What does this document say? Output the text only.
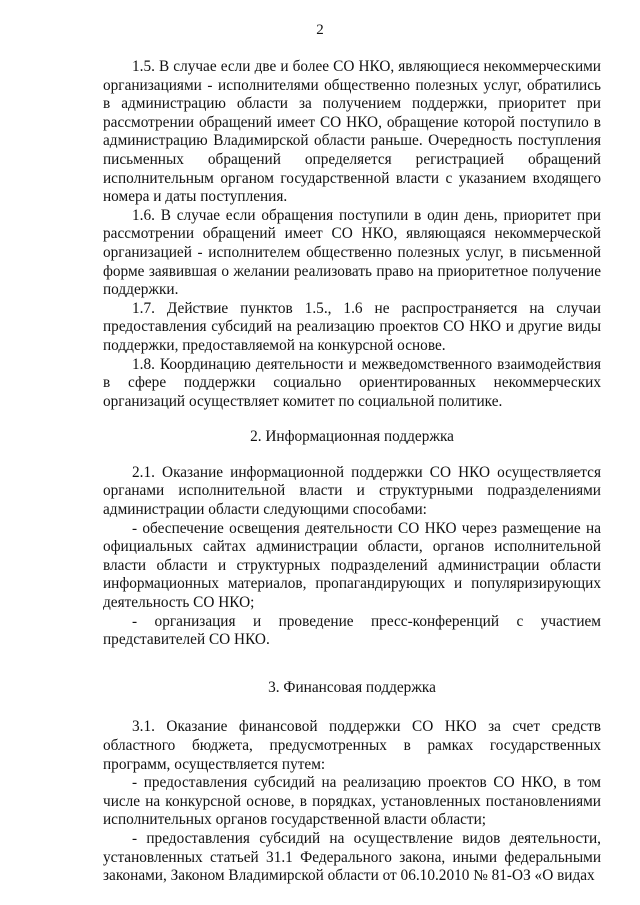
2

1.5. В случае если две и более СО НКО, являющиеся некоммерческими организациями - исполнителями общественно полезных услуг, обратились в администрацию области за получением поддержки, приоритет при рассмотрении обращений имеет СО НКО, обращение которой поступило в администрацию Владимирской области раньше. Очередность поступления письменных обращений определяется регистрацией обращений исполнительным органом государственной власти с указанием входящего номера и даты поступления.

1.6. В случае если обращения поступили в один день, приоритет при рассмотрении обращений имеет СО НКО, являющаяся некоммерческой организацией - исполнителем общественно полезных услуг, в письменной форме заявившая о желании реализовать право на приоритетное получение поддержки.

1.7. Действие пунктов 1.5., 1.6 не распространяется на случаи предоставления субсидий на реализацию проектов СО НКО и другие виды поддержки, предоставляемой на конкурсной основе.

1.8. Координацию деятельности и межведомственного взаимодействия в сфере поддержки социально ориентированных некоммерческих организаций осуществляет комитет по социальной политике.

2. Информационная поддержка

2.1. Оказание информационной поддержки СО НКО осуществляется органами исполнительной власти и структурными подразделениями администрации области следующими способами:

- обеспечение освещения деятельности СО НКО через размещение на официальных сайтах администрации области, органов исполнительной власти области и структурных подразделений администрации области информационных материалов, пропагандирующих и популяризирующих деятельность СО НКО;

- организация и проведение пресс-конференций с участием представителей СО НКО.

3. Финансовая поддержка

3.1. Оказание финансовой поддержки СО НКО за счет средств областного бюджета, предусмотренных в рамках государственных программ, осуществляется путем:

- предоставления субсидий на реализацию проектов СО НКО, в том числе на конкурсной основе, в порядках, установленных постановлениями исполнительных органов государственной власти области;

- предоставления субсидий на осуществление видов деятельности, установленных статьей 31.1 Федерального закона, иными федеральными законами, Законом Владимирской области от 06.10.2010 № 81-ОЗ «О видах
